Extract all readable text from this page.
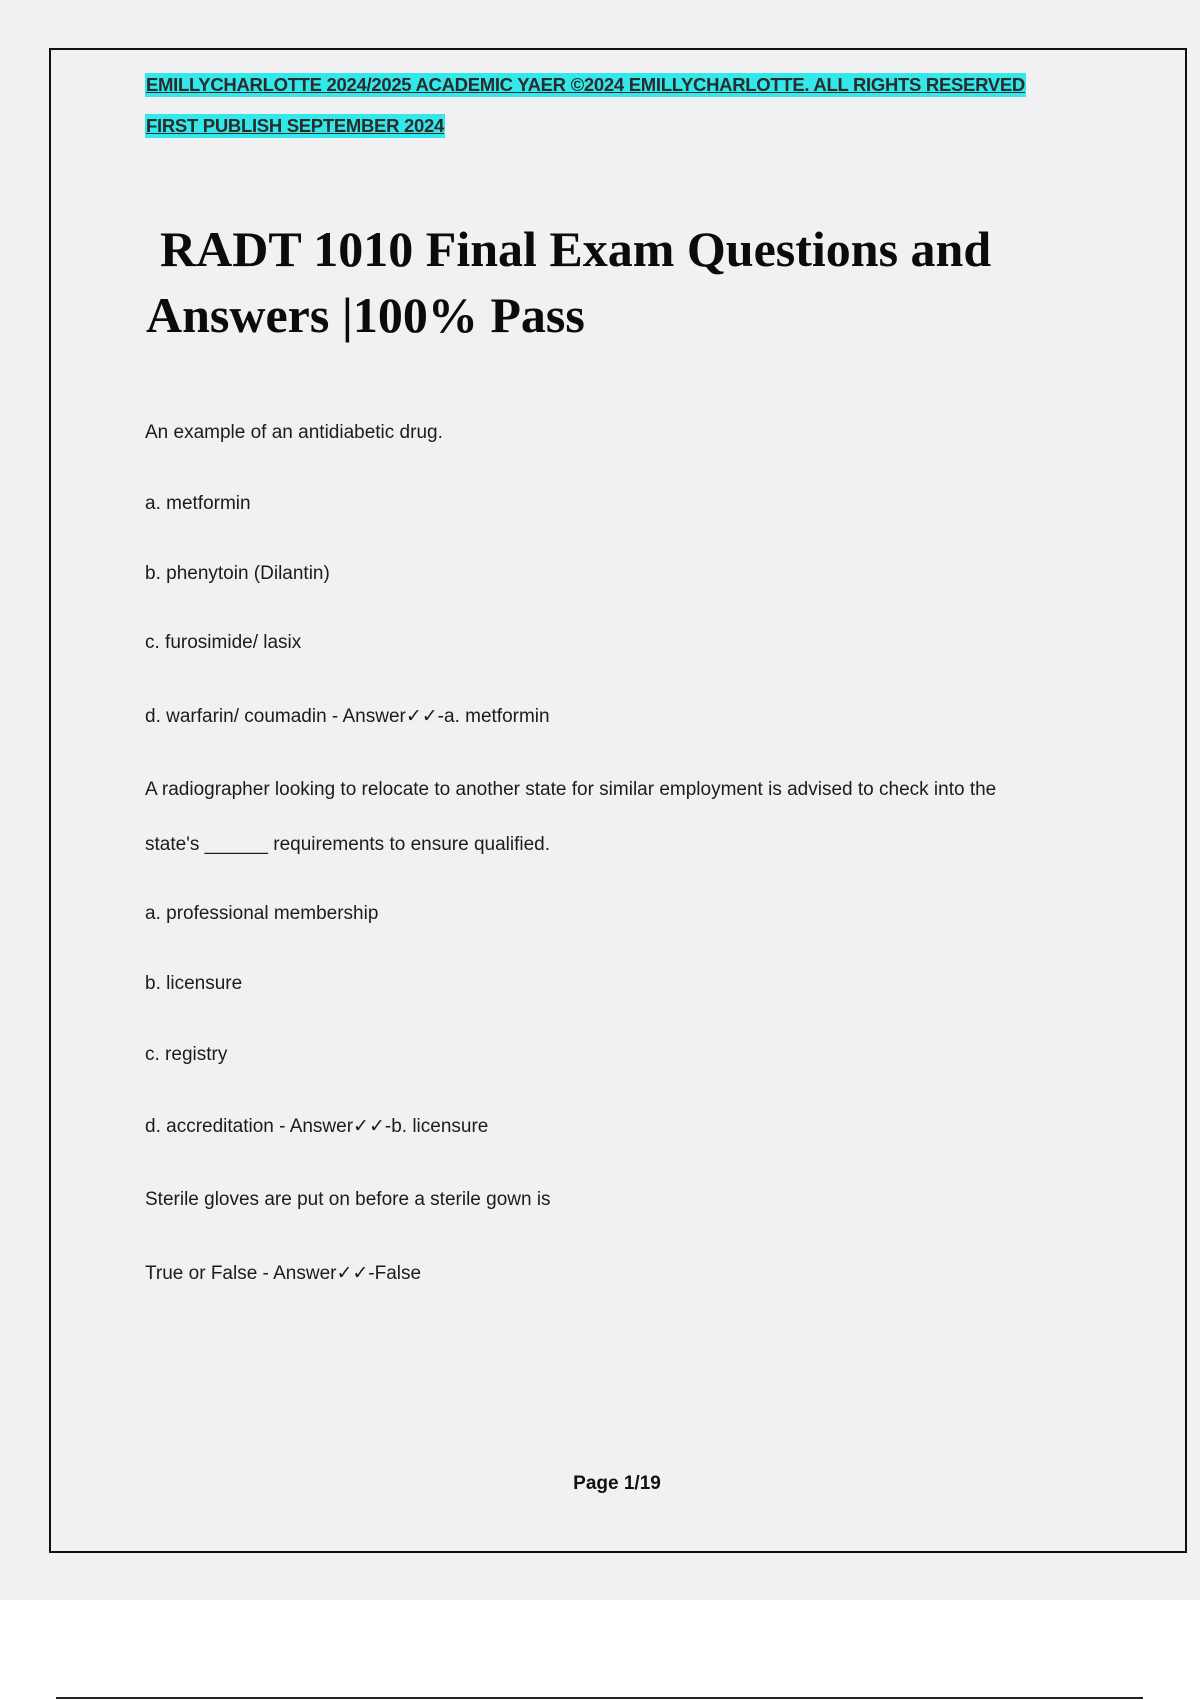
EMILLYCHARLOTTE 2024/2025 ACADEMIC YAER ©2024 EMILLYCHARLOTTE. ALL RIGHTS RESERVED
FIRST PUBLISH SEPTEMBER 2024
RADT 1010 Final Exam Questions and
Answers |100% Pass
An example of an antidiabetic drug.
a. metformin
b. phenytoin (Dilantin)
c. furosimide/ lasix
d. warfarin/ coumadin - Answer✓✓-a. metformin
A radiographer looking to relocate to another state for similar employment is advised to check into the
state's ______ requirements to ensure qualified.
a. professional membership
b. licensure
c. registry
d. accreditation - Answer✓✓-b. licensure
Sterile gloves are put on before a sterile gown is
True or False - Answer✓✓-False
Page 1/19
